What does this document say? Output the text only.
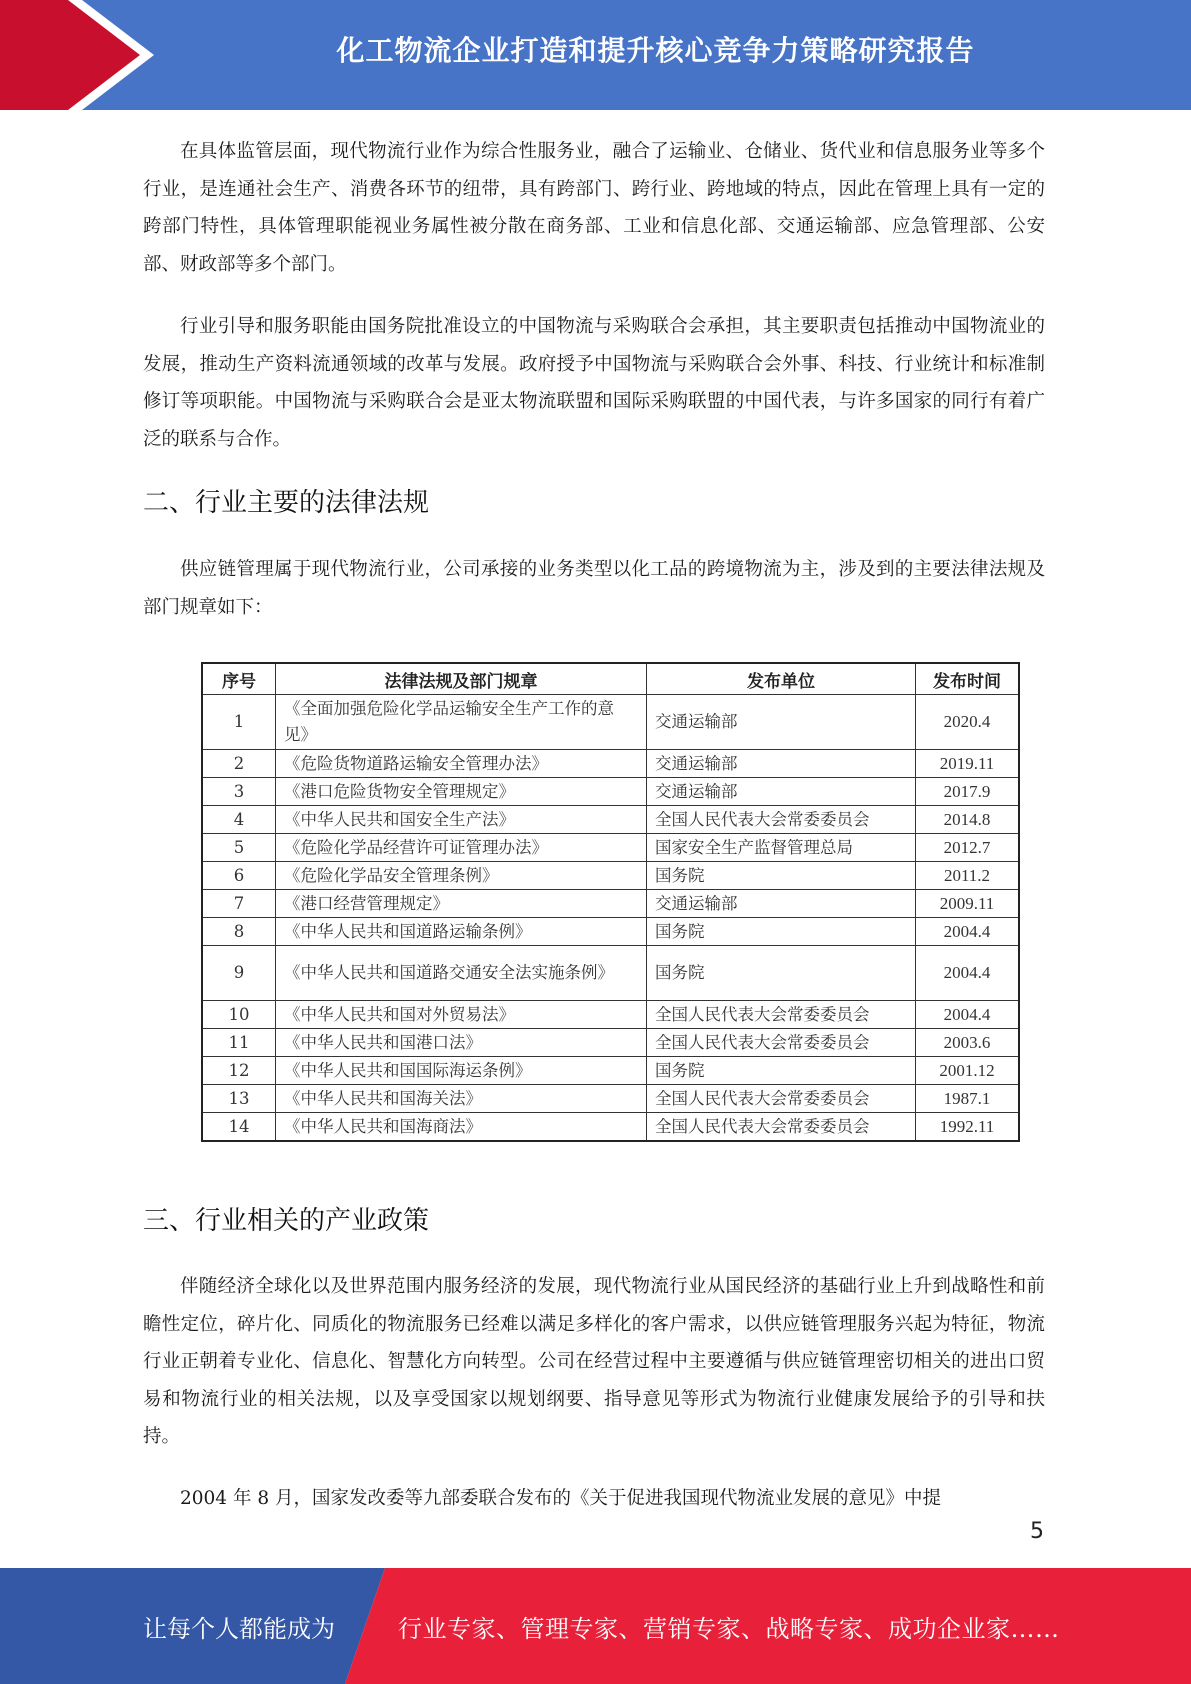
化工物流企业打造和提升核心竞争力策略研究报告

在具体监管层面，现代物流行业作为综合性服务业，融合了运输业、仓储业、货代业和信息服务业等多个行业，是连通社会生产、消费各环节的纽带，具有跨部门、跨行业、跨地域的特点，因此在管理上具有一定的跨部门特性，具体管理职能视业务属性被分散在商务部、工业和信息化部、交通运输部、应急管理部、公安部、财政部等多个部门。

行业引导和服务职能由国务院批准设立的中国物流与采购联合会承担，其主要职责包括推动中国物流业的发展，推动生产资料流通领域的改革与发展。政府授予中国物流与采购联合会外事、科技、行业统计和标准制修订等项职能。中国物流与采购联合会是亚太物流联盟和国际采购联盟的中国代表，与许多国家的同行有着广泛的联系与合作。

二、行业主要的法律法规

供应链管理属于现代物流行业，公司承接的业务类型以化工品的跨境物流为主，涉及到的主要法律法规及部门规章如下：

序号	法律法规及部门规章	发布单位	发布时间
1	《全面加强危险化学品运输安全生产工作的意见》	交通运输部	2020.4
2	《危险货物道路运输安全管理办法》	交通运输部	2019.11
3	《港口危险货物安全管理规定》	交通运输部	2017.9
4	《中华人民共和国安全生产法》	全国人民代表大会常委委员会	2014.8
5	《危险化学品经营许可证管理办法》	国家安全生产监督管理总局	2012.7
6	《危险化学品安全管理条例》	国务院	2011.2
7	《港口经营管理规定》	交通运输部	2009.11
8	《中华人民共和国道路运输条例》	国务院	2004.4
9	《中华人民共和国道路交通安全法实施条例》	国务院	2004.4
10	《中华人民共和国对外贸易法》	全国人民代表大会常委委员会	2004.4
11	《中华人民共和国港口法》	全国人民代表大会常委委员会	2003.6
12	《中华人民共和国国际海运条例》	国务院	2001.12
13	《中华人民共和国海关法》	全国人民代表大会常委委员会	1987.1
14	《中华人民共和国海商法》	全国人民代表大会常委委员会	1992.11
三、行业相关的产业政策

伴随经济全球化以及世界范围内服务经济的发展，现代物流行业从国民经济的基础行业上升到战略性和前瞻性定位，碎片化、同质化的物流服务已经难以满足多样化的客户需求，以供应链管理服务兴起为特征，物流行业正朝着专业化、信息化、智慧化方向转型。公司在经营过程中主要遵循与供应链管理密切相关的进出口贸易和物流行业的相关法规，以及享受国家以规划纲要、指导意见等形式为物流行业健康发展给予的引导和扶持。

2004 年 8 月，国家发改委等九部委联合发布的《关于促进我国现代物流业发展的意见》中提

5
让每个人都能成为	行业专家、管理专家、营销专家、战略专家、成功企业家……
